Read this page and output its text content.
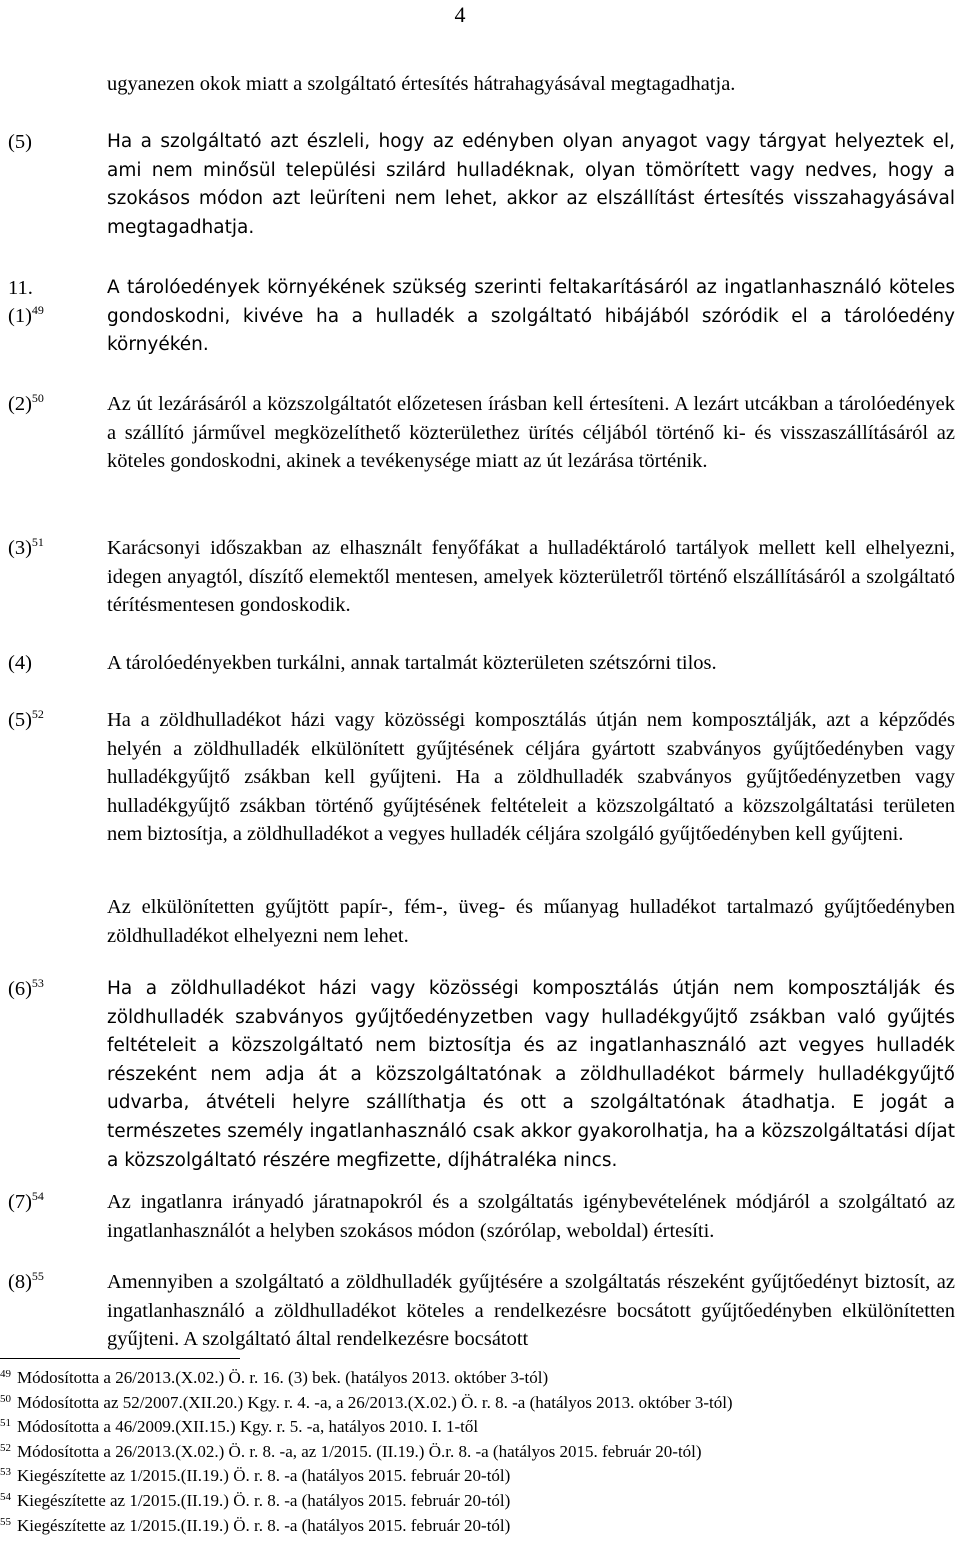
4
ugyanezen okok miatt a szolgáltató értesítés hátrahagyásával megtagadhatja.
(5)	Ha a szolgáltató azt észleli, hogy az edényben olyan anyagot vagy tárgyat helyeztek el, ami nem minősül települési szilárd hulladéknak, olyan tömörített vagy nedves, hogy a szokásos módon azt leüríteni nem lehet, akkor az elszállítást értesítés visszahagyásával megtagadhatja.
11.
$(1)^{49}$
A tárolóedények környékének szükség szerinti feltakarításáról az ingatlanhasználó köteles gondoskodni, kivéve ha a hulladék a szolgáltató hibájából szóródik el a tárolóedény környékén.
$(2)^{50}$	Az út lezárásáról a közszolgáltatót előzetesen írásban kell értesíteni. A lezárt utcákban a tárolóedények a szállító járművel megközelíthető közterülethez ürítés céljából történő ki- és visszaszállításáról az köteles gondoskodni, akinek a tevékenysége miatt az út lezárása történik.
$(3)^{51}$	Karácsonyi időszakban az elhasznált fenyőfákat a hulladéktároló tartályok mellett kell elhelyezni, idegen anyagtól, díszítő elemektől mentesen, amelyek közterületről történő elszállításáról a szolgáltató térítésmentesen gondoskodik.
(4)	A tárolóedényekben turkálni, annak tartalmát közterületen szétszórni tilos.
$(5)^{52}$	Ha a zöldhulladékot házi vagy közösségi komposztálás útján nem komposztálják, azt a képződés helyén a zöldhulladék elkülönített gyűjtésének céljára gyártott szabványos gyűjtőedényben vagy hulladékgyűjtő zsákban kell gyűjteni. Ha a zöldhulladék szabványos gyűjtőedényzetben vagy hulladékgyűjtő zsákban történő gyűjtésének feltételeit a közszolgáltató a közszolgáltatási területen nem biztosítja, a zöldhulladékot a vegyes hulladék céljára szolgáló gyűjtőedényben kell gyűjteni.
Az elkülönítetten gyűjtött papír-, fém-, üveg- és műanyag hulladékot tartalmazó gyűjtőedényben zöldhulladékot elhelyezni nem lehet.
$(6)^{53}$	Ha a zöldhulladékot házi vagy közösségi komposztálás útján nem komposztálják és zöldhulladék szabványos gyűjtőedényzetben vagy hulladékgyűjtő zsákban való gyűjtés feltételeit a közszolgáltató nem biztosítja és az ingatlanhasználó azt vegyes hulladék részeként nem adja át a közszolgáltatónak a zöldhulladékot bármely hulladékgyűjtő udvarba, átvételi helyre szállíthatja és ott a szolgáltatónak átadhatja. E jogát a természetes személy ingatlanhasználó csak akkor gyakorolhatja, ha a közszolgáltatási díjat a közszolgáltató részére megfizette, díjhátraléka nincs.
$(7)^{54}$	Az ingatlanra irányadó járatnapokról és a szolgáltatás igénybevételének módjáról a szolgáltató az ingatlanhasználót a helyben szokásos módon (szórólap, weboldal) értesíti.
$(8)^{55}$	Amennyiben a szolgáltató a zöldhulladék gyűjtésére a szolgáltatás részeként gyűjtőedényt biztosít, az ingatlanhasználó a zöldhulladékot köteles a rendelkezésre bocsátott gyűjtőedényben elkülönítetten gyűjteni. A szolgáltató által rendelkezésre bocsátott
$^{49}$ Módosította a 26/2013.(X.02.) Ö. r. 16. (3) bek. (hatályos 2013. október 3-tól)
$^{50}$ Módosította az 52/2007.(XII.20.) Kgy. r. 4. -a, a 26/2013.(X.02.) Ö. r. 8. -a (hatályos 2013. október 3-tól)
$^{51}$ Módosította a 46/2009.(XII.15.) Kgy. r. 5. -a, hatályos 2010. I. 1-től
$^{52}$ Módosította a 26/2013.(X.02.) Ö. r. 8. -a, az 1/2015. (II.19.) Ö.r. 8. -a (hatályos 2015. február 20-tól)
$^{53}$ Kiegészítette az 1/2015.(II.19.) Ö. r. 8. -a (hatályos 2015. február 20-tól)
$^{54}$ Kiegészítette az 1/2015.(II.19.) Ö. r. 8. -a (hatályos 2015. február 20-tól)
$^{55}$ Kiegészítette az 1/2015.(II.19.) Ö. r. 8. -a (hatályos 2015. február 20-tól)
